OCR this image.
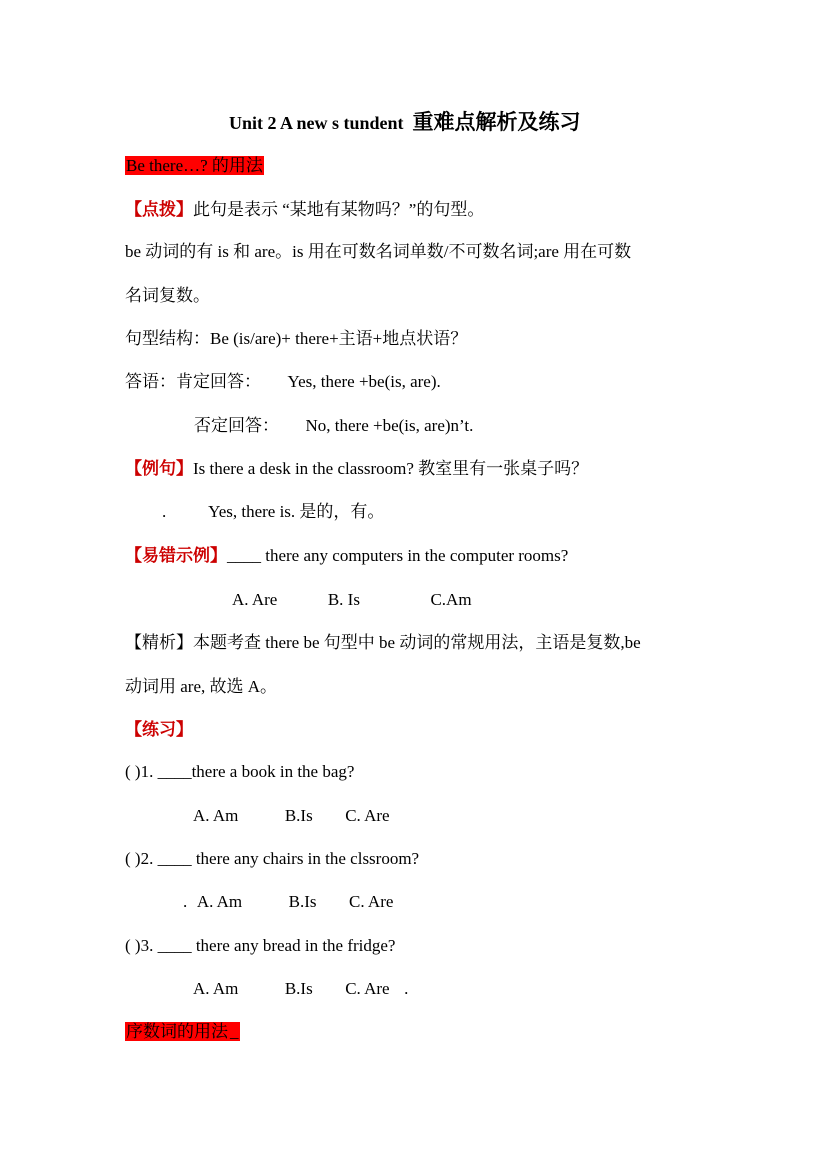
Unit 2 A new s tundent 重难点解析及练习
Be there…? 的用法
【点拨】此句是表示 “某地有某物吗？”的句型。
be 动词的有 is 和 are。is 用在可数名词单数/不可数名词;are 用在可数
名词复数。
句型结构：Be (is/are)+ there+主语+地点状语？
答语：肯定回答： Yes, there +be(is, are).
否定回答： No, there +be(is, are)n’t.
【例句】Is there a desk in the classroom? 教室里有一张桌子吗？
. Yes, there is. 是的，有。
【易错示例】____ there any computers in the computer rooms?
A. Are	B. Is	C.Am
【精析】本题考查 there be 句型中 be 动词的常规用法，主语是复数,be
动词用 are, 故选 A。
【练习】
( )1. ____there a book in the bag?
A. Am	B.Is C. Are
( )2. ____ there any chairs in the clssroom?
. A. Am	B.Is C. Are
( )3. ____ there any bread in the fridge?
A. Am	B.Is C. Are .
序数词的用法 _
